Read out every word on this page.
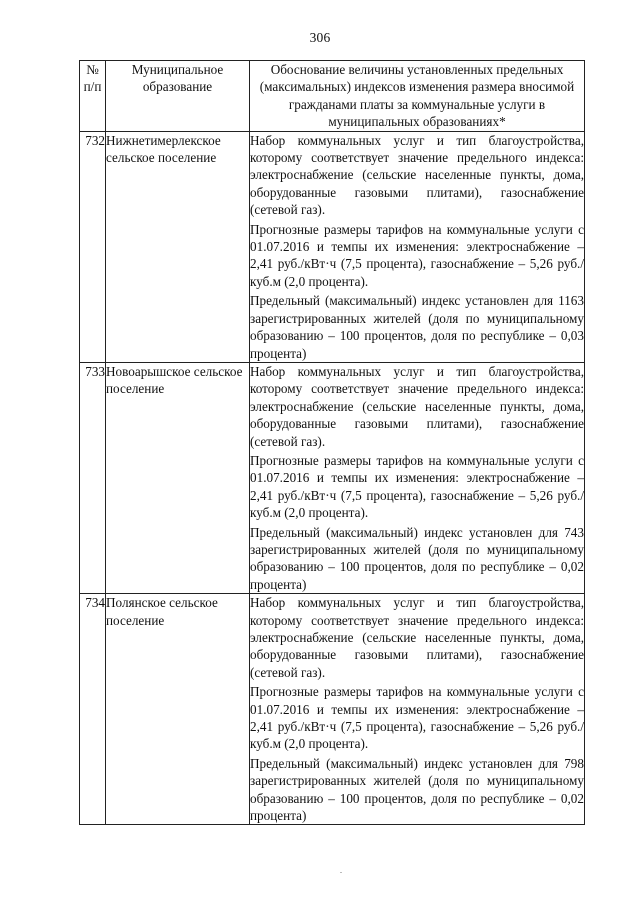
306
№ п/п	Муниципальное образование	Обоснование величины установленных предельных (максимальных) индексов изменения размера вносимой гражданами платы за коммунальные услуги в муниципальных образованиях*
732	Нижнетимерлекское сельское поселение	Набор коммунальных услуг и тип благоустройства, которому соответствует значение предельного индекса: электроснабжение (сельские населенные пункты, дома, оборудованные газовыми плитами), газоснабжение (сетевой газ).

Прогнозные размеры тарифов на коммунальные услуги с 01.07.2016 и темпы их изменения: электроснабжение – 2,41 руб./кВт·ч (7,5 процента), газоснабжение – 5,26 руб./куб.м (2,0 процента).

Предельный (максимальный) индекс установлен для 1163 зарегистрированных жителей (доля по муниципальному образованию – 100 процентов, доля по республике – 0,03 процента)

733	Новоарышское сельское поселение	Набор коммунальных услуг и тип благоустройства, которому соответствует значение предельного индекса: электроснабжение (сельские населенные пункты, дома, оборудованные газовыми плитами), газоснабжение (сетевой газ).

Прогнозные размеры тарифов на коммунальные услуги с 01.07.2016 и темпы их изменения: электроснабжение – 2,41 руб./кВт·ч (7,5 процента), газоснабжение – 5,26 руб./куб.м (2,0 процента).

Предельный (максимальный) индекс установлен для 743 зарегистрированных жителей (доля по муниципальному образованию – 100 процентов, доля по республике – 0,02 процента)

734	Полянское сельское поселение	Набор коммунальных услуг и тип благоустройства, которому соответствует значение предельного индекса: электроснабжение (сельские населенные пункты, дома, оборудованные газовыми плитами), газоснабжение (сетевой газ).

Прогнозные размеры тарифов на коммунальные услуги с 01.07.2016 и темпы их изменения: электроснабжение – 2,41 руб./кВт·ч (7,5 процента), газоснабжение – 5,26 руб./куб.м (2,0 процента).

Предельный (максимальный) индекс установлен для 798 зарегистрированных жителей (доля по муниципальному образованию – 100 процентов, доля по республике – 0,02 процента)
